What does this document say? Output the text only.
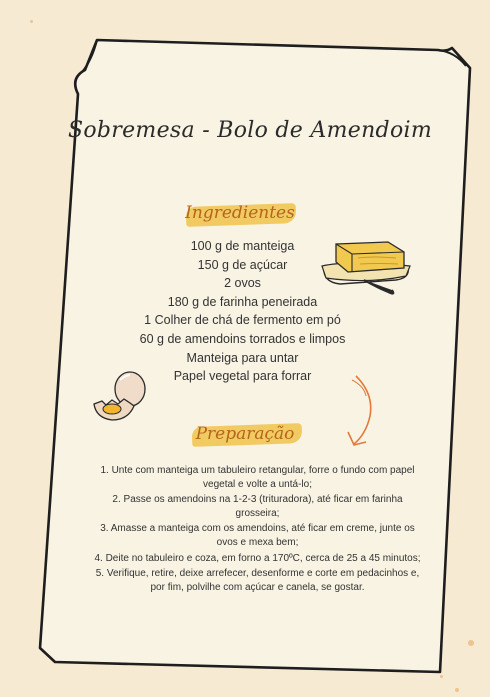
Sobremesa - Bolo de Amendoim
Ingredientes
100 g de manteiga
150 g de açúcar
2 ovos
180 g de farinha peneirada
1 Colher de chá de fermento em pó
60 g de amendoins torrados e limpos
Manteiga para untar
Papel vegetal para forrar
Preparação
1. Unte com manteiga um tabuleiro retangular, forre o fundo com papel vegetal e volte a untá-lo;
2. Passe os amendoins na 1-2-3 (trituradora), até ficar em farinha grosseira;
3. Amasse a manteiga com os amendoins, até ficar em creme, junte os ovos e mexa bem;
4. Deite no tabuleiro e coza, em forno a 170ºC, cerca de 25 a 45 minutos;
5. Verifique, retire, deixe arrefecer, desenforme e corte em pedacinhos e, por fim, polvilhe com açúcar e canela, se gostar.
